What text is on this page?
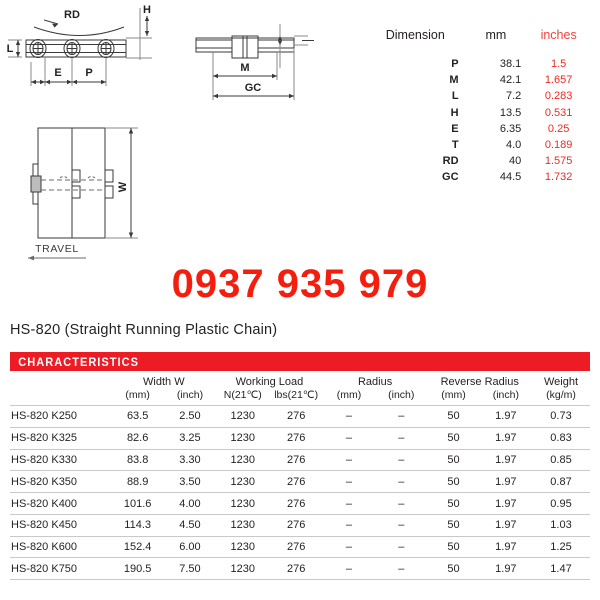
RD	H
L
E P	M
GC
W
TRAVEL
Dimension	mm	inches
P	38.1	1.5
M	42.1	1.657
L	7.2	0.283
H	13.5	0.531
E	6.35	0.25
T	4.0	0.189
RD	40	1.575
GC	44.5	1.732
0937 935 979
HS-820 (Straight Running Plastic Chain)
CHARACTERISTICS
	Width W		Working Load		Radius		Reverse Radius		Weight
	(mm)	(inch)	N(21℃)	lbs(21℃)	(mm)	(inch)	(mm)	(inch)	(kg/m)
HS-820 K250	63.5	2.50	1230	276	–	–	50	1.97	0.73
HS-820 K325	82.6	3.25	1230	276	–	–	50	1.97	0.83
HS-820 K330	83.8	3.30	1230	276	–	–	50	1.97	0.85
HS-820 K350	88.9	3.50	1230	276	–	–	50	1.97	0.87
HS-820 K400	101.6	4.00	1230	276	–	–	50	1.97	0.95
HS-820 K450	114.3	4.50	1230	276	–	–	50	1.97	1.03
HS-820 K600	152.4	6.00	1230	276	–	–	50	1.97	1.25
HS-820 K750	190.5	7.50	1230	276	–	–	50	1.97	1.47
